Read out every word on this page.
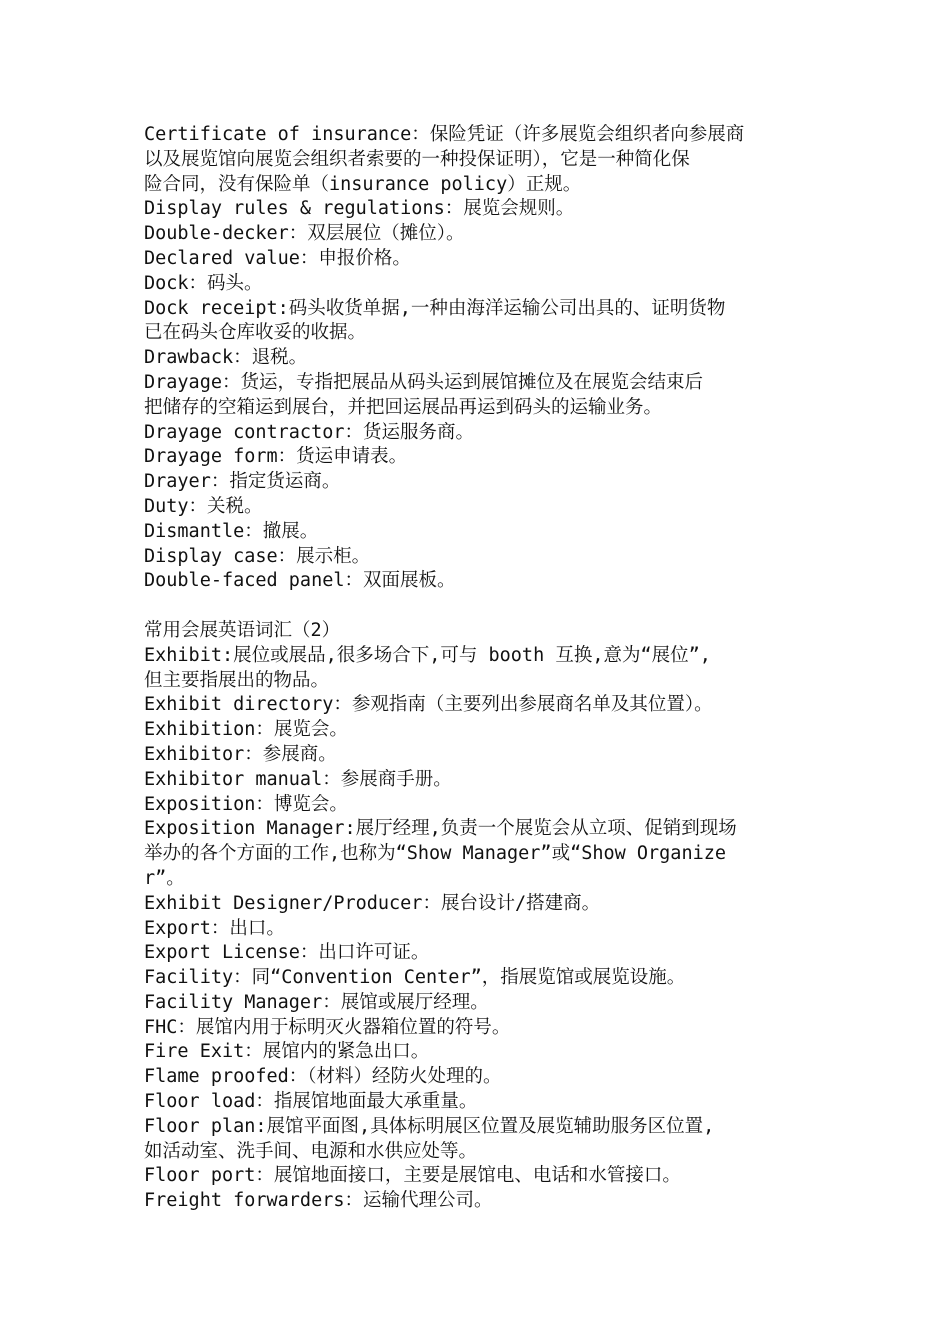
Certificate of insurance：保险凭证（许多展览会组织者向参展商
以及展览馆向展览会组织者索要的一种投保证明），它是一种简化保
险合同，没有保险单（insurance policy）正规。
Display rules & regulations：展览会规则。
Double-decker：双层展位（摊位）。
Declared value：申报价格。
Dock：码头。
Dock receipt:码头收货单据,一种由海洋运输公司出具的、证明货物
已在码头仓库收妥的收据。
Drawback：退税。
Drayage：货运，专指把展品从码头运到展馆摊位及在展览会结束后
把储存的空箱运到展台，并把回运展品再运到码头的运输业务。
Drayage contractor：货运服务商。
Drayage form：货运申请表。
Drayer：指定货运商。
Duty：关税。
Dismantle：撤展。
Display case：展示柜。
Double-faced panel：双面展板。
常用会展英语词汇（2）
Exhibit:展位或展品,很多场合下,可与 booth 互换,意为“展位”,
但主要指展出的物品。
Exhibit directory：参观指南（主要列出参展商名单及其位置）。
Exhibition：展览会。
Exhibitor：参展商。
Exhibitor manual：参展商手册。
Exposition：博览会。
Exposition Manager:展厅经理,负责一个展览会从立项、促销到现场
举办的各个方面的工作,也称为“Show Manager”或“Show Organize
r”。
Exhibit Designer/Producer：展台设计/搭建商。
Export：出口。
Export License：出口许可证。
Facility：同“Convention Center”，指展览馆或展览设施。
Facility Manager：展馆或展厅经理。
FHC：展馆内用于标明灭火器箱位置的符号。
Fire Exit：展馆内的紧急出口。
Flame proofed：（材料）经防火处理的。
Floor load：指展馆地面最大承重量。
Floor plan:展馆平面图,具体标明展区位置及展览辅助服务区位置,
如活动室、洗手间、电源和水供应处等。
Floor port：展馆地面接口，主要是展馆电、电话和水管接口。
Freight forwarders：运输代理公司。
